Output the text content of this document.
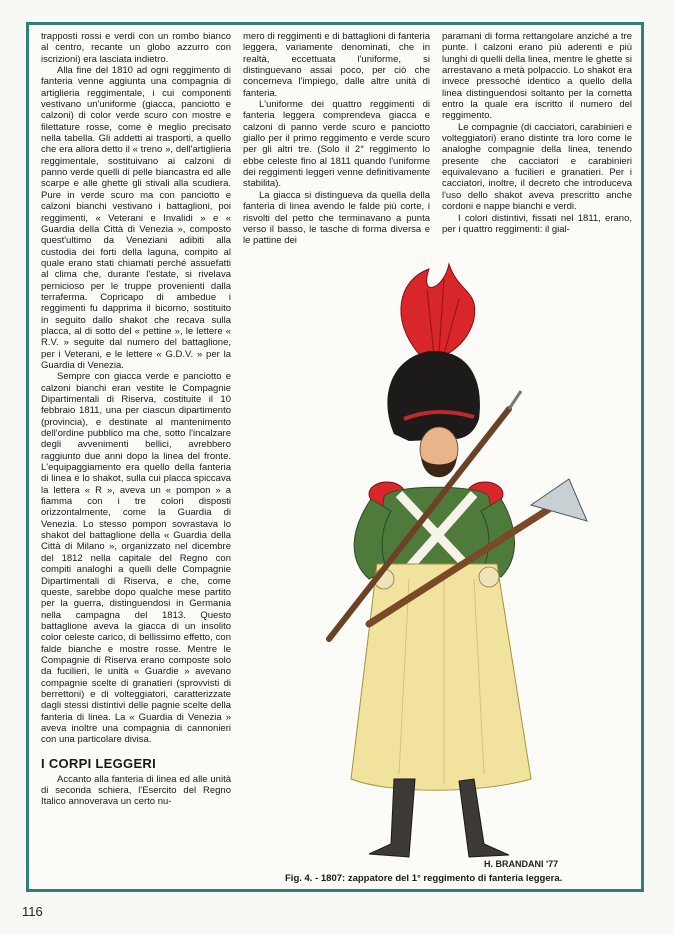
trapposti rossi e verdi con un rombo bianco al centro, recante un globo azzurro con iscrizioni) era lasciata indietro.

Alla fine del 1810 ad ogni reggimento di fanteria venne aggiunta una compagnia di artiglieria reggimentale, i cui componenti vestivano un'uniforme (giacca, panciotto e calzoni) di color verde scuro con mostre e filettature rosse, come è meglio precisato nella tabella. Gli addetti ai trasporti, a quello che era allora detto il « treno », dell'artiglieria reggimentale, sostituivano ai calzoni di panno verde quelli di pelle biancastra ed alle scarpe e alle ghette gli stivali alla scudiera. Pure in verde scuro ma con panciotto e calzoni bianchi vestivano i battaglioni, poi reggimenti, « Veterani e Invalidi » e « Guardia della Città di Venezia », composto quest'ultimo da Veneziani adibiti alla custodia dei forti della laguna, compito al quale erano stati chiamati perché assuefatti al clima che, durante l'estate, si rivelava pernicioso per le truppe provenienti dalla terraferma. Copricapo di ambedue i reggimenti fu dapprima il bicorno, sostituito in seguito dallo shakot che recava sulla placca, al di sotto del « pettine », le lettere « R.V. » seguite dal numero del battaglione, per i Veterani, e le lettere « G.D.V. » per la Guardia di Venezia.

Sempre con giacca verde e panciotto e calzoni bianchi eran vestite le Compagnie Dipartimentali di Riserva, costituite il 10 febbraio 1811, una per ciascun dipartimento (provincia), e destinate al mantenimento dell'ordine pubblico ma che, sotto l'incalzare degli avvenimenti bellici, avrebbero raggiunto due anni dopo la linea del fronte. L'equipaggiamento era quello della fanteria di linea e lo shakot, sulla cui placca spiccava la lettera « R », aveva un « pompon » a fiamma con i tre colori disposti orizzontalmente, come la Guardia di Venezia. Lo stesso pompon sovrastava lo shakot del battaglione della « Guardia della Città di Milano », organizzato nel dicembre del 1812 nella capitale del Regno con compiti analoghi a quelli delle Compagnie Dipartimentali di Riserva, e che, come queste, sarebbe dopo qualche mese partito per la guerra, distinguendosi in Germania nella campagna del 1813. Questo battaglione aveva la giacca di un insolito color celeste carico, di bellissimo effetto, con falde bianche e mostre rosse. Mentre le Compagnie di Riserva erano composte solo da fucilieri, le unità « Guardie » avevano compagnie scelte di granatieri (sprovvisti di berrettoni) e di volteggiatori, caratterizzate dagli stessi distintivi delle pagnie scelte della fanteria di linea. La « Guardia di Venezia » aveva inoltre una compagnia di cannonieri con una particolare divisa.

I CORPI LEGGERI

Accanto alla fanteria di linea ed alle unità di seconda schiera, l'Esercito del Regno Italico annoverava un certo nu-

mero di reggimenti e di battaglioni di fanteria leggera, variamente denominati, che in realtà, eccettuata l'uniforme, si distinguevano assai poco, per ciò che concerneva l'impiego, dalle altre unità di fanteria.

L'uniforme dei quattro reggimenti di fanteria leggera comprendeva giacca e calzoni di panno verde scuro e panciotto giallo per il primo reggimento e verde scuro per gli altri tre. (Solo il 2° reggimento lo ebbe celeste fino al 1811 quando l'uniforme dei reggimenti leggeri venne definitivamente stabilita).

La giacca si distingueva da quella della fanteria di linea avendo le falde più corte, i risvolti del petto che terminavano a punta verso il basso, le tasche di forma diversa e le pattine dei

paramani di forma rettangolare anziché a tre punte. I calzoni erano più aderenti e più lunghi di quelli della linea, mentre le ghette si arrestavano a metà polpaccio. Lo shakot era invece pressoché identico a quello della linea distinguendosi soltanto per la cornetta entro la quale era iscritto il numero del reggimento.

Le compagnie (di cacciatori, carabinieri e volteggiatori) erano distinte tra loro come le analoghe compagnie della linea, tenendo presente che cacciatori e carabinieri equivalevano a fucilieri e granatieri. Per i cacciatori, inoltre, il decreto che introduceva l'uso dello shakot aveva prescritto anche cordoni e nappe bianchi e verdi.

I colori distintivi, fissati nel 1811, erano, per i quattro reggimenti: il gial-

H. BRANDANI '77
Fig. 4. - 1807: zappatore del 1° reggimento di fanteria leggera.
116
